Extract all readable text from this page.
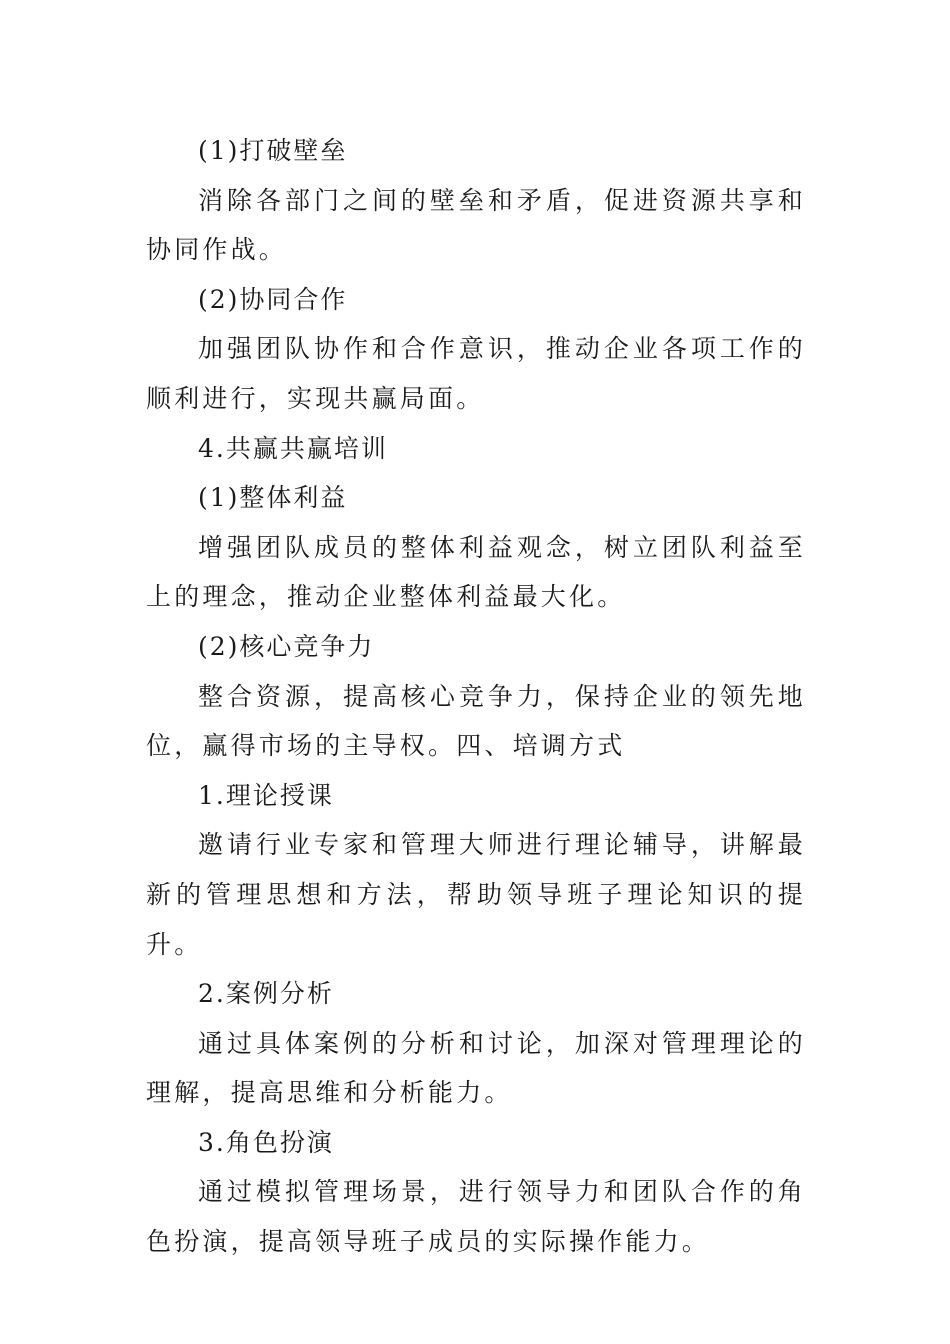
(1)打破壁垒

消除各部门之间的壁垒和矛盾，促进资源共享和协同作战。

(2)协同合作

加强团队协作和合作意识，推动企业各项工作的顺利进行，实现共赢局面。

4.共赢共赢培训

(1)整体利益

增强团队成员的整体利益观念，树立团队利益至上的理念，推动企业整体利益最大化。

(2)核心竞争力

整合资源，提高核心竞争力，保持企业的领先地位，赢得市场的主导权。四、培调方式

1.理论授课

邀请行业专家和管理大师进行理论辅导，讲解最新的管理思想和方法，帮助领导班子理论知识的提升。

2.案例分析

通过具体案例的分析和讨论，加深对管理理论的理解，提高思维和分析能力。

3.角色扮演

通过模拟管理场景，进行领导力和团队合作的角色扮演，提高领导班子成员的实际操作能力。
